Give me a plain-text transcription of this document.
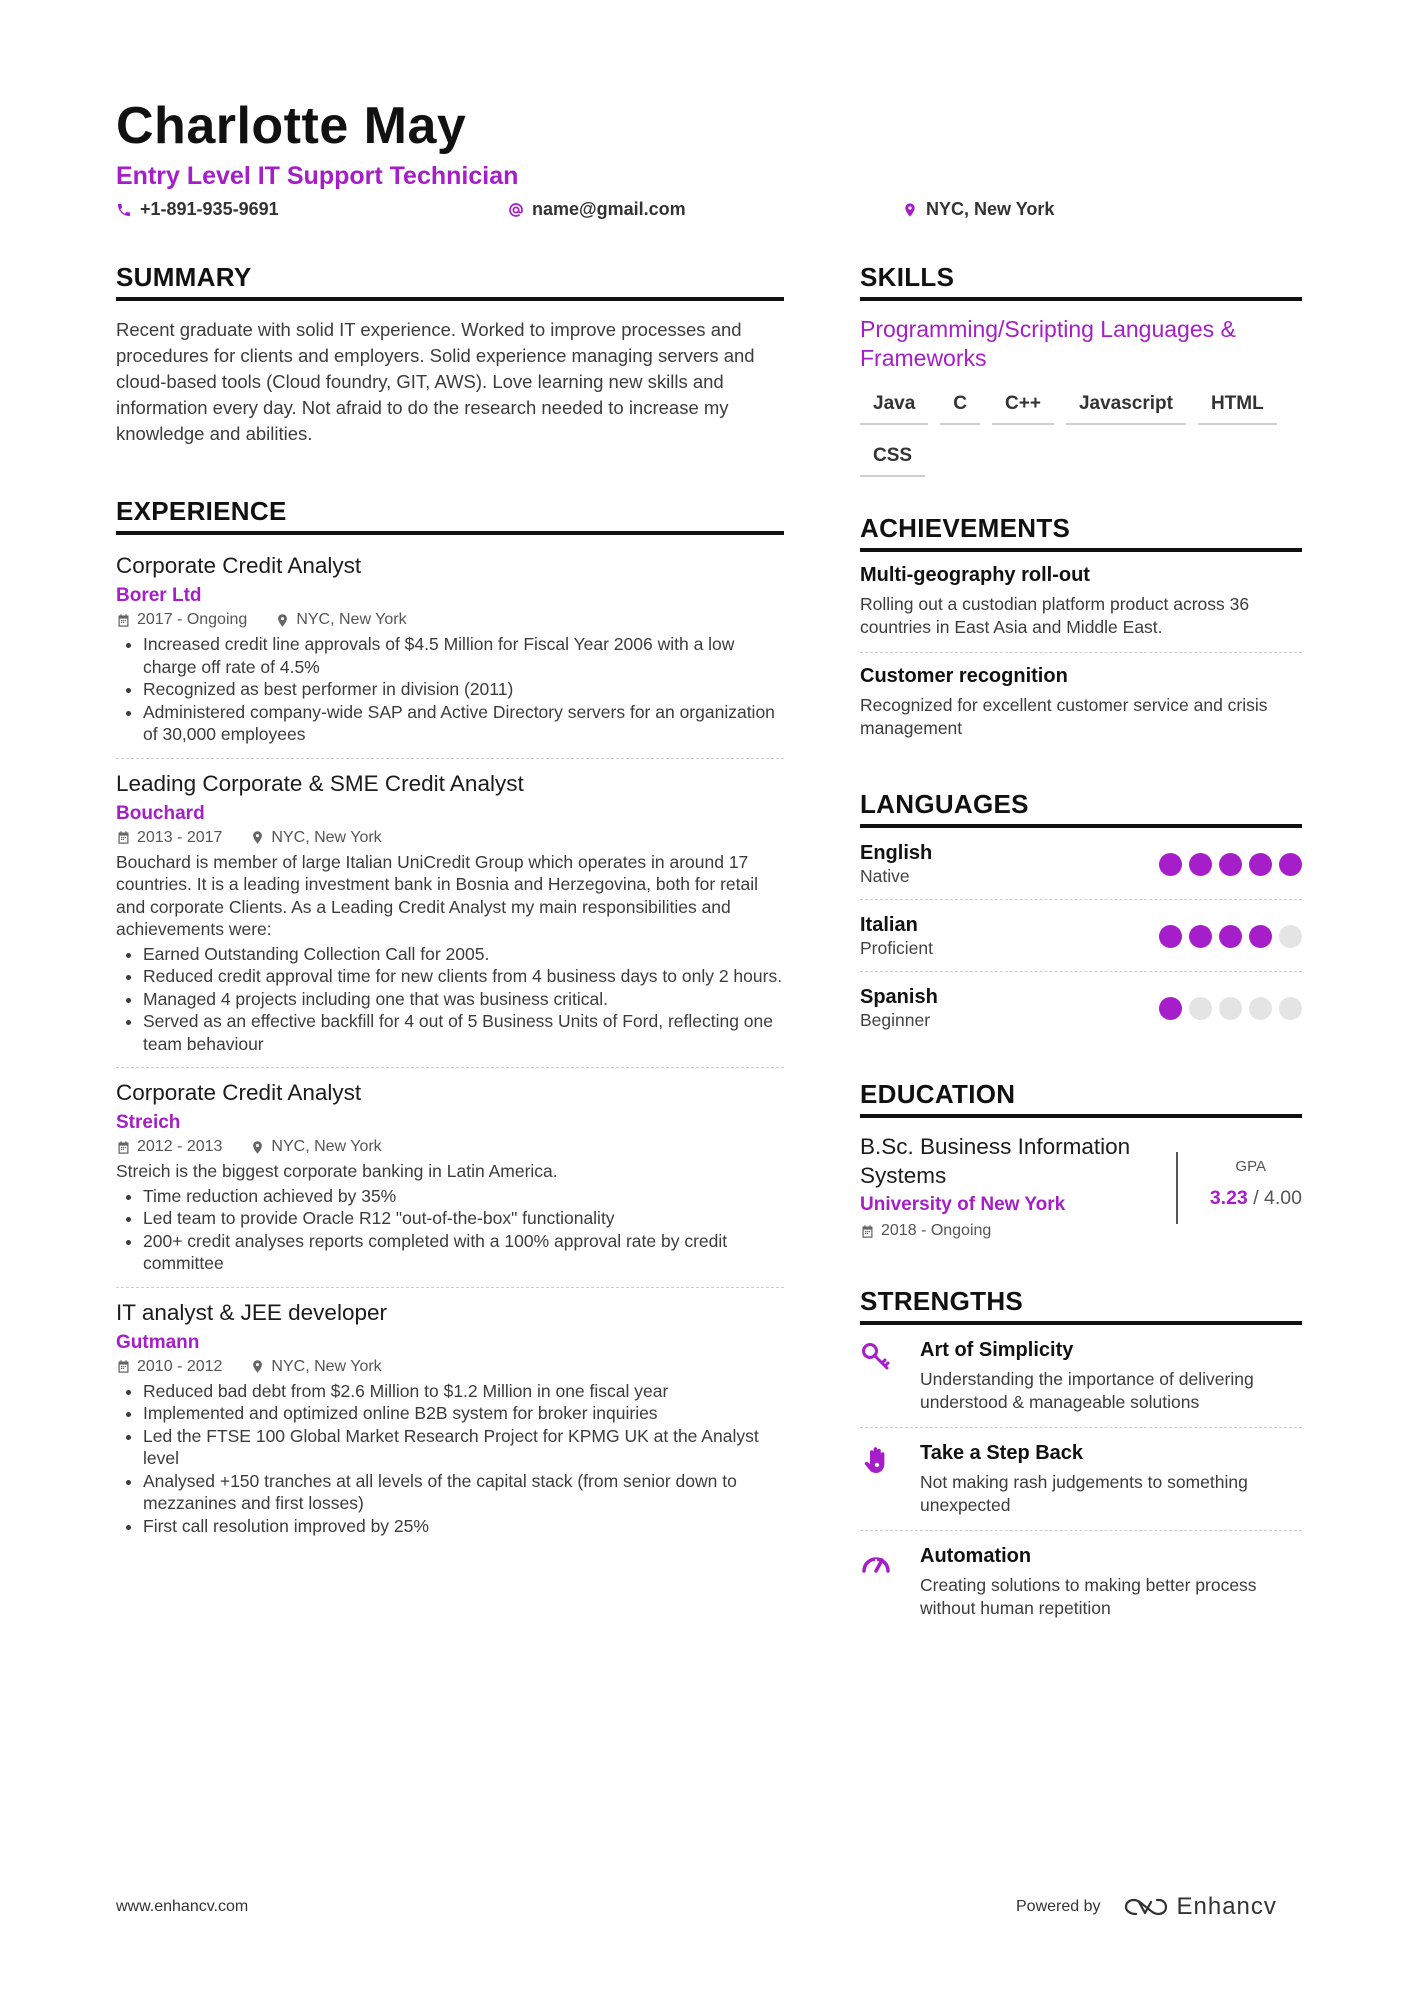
Charlotte May
Entry Level IT Support Technician
+1-891-935-9691	name@gmail.com	NYC, New York
SUMMARY

Recent graduate with solid IT experience. Worked to improve processes and procedures for clients and employers. Solid experience managing servers and cloud-based tools (Cloud foundry, GIT, AWS). Love learning new skills and information every day. Not afraid to do the research needed to increase my knowledge and abilities.

EXPERIENCE
Corporate Credit Analyst
Borer Ltd
2017 - Ongoing	NYC, New York
• Increased credit line approvals of $4.5 Million for Fiscal Year 2006 with a low charge off rate of 4.5%
• Recognized as best performer in division (2011)
• Administered company-wide SAP and Active Directory servers for an organization of 30,000 employees
Leading Corporate & SME Credit Analyst
Bouchard
2013 - 2017	NYC, New York

Bouchard is member of large Italian UniCredit Group which operates in around 17 countries. It is a leading investment bank in Bosnia and Herzegovina, both for retail and corporate Clients. As a Leading Credit Analyst my main responsibilities and achievements were:

• Earned Outstanding Collection Call for 2005.
• Reduced credit approval time for new clients from 4 business days to only 2 hours.
• Managed 4 projects including one that was business critical.
• Served as an effective backfill for 4 out of 5 Business Units of Ford, reflecting one team behaviour
Corporate Credit Analyst
Streich
2012 - 2013	NYC, New York

Streich is the biggest corporate banking in Latin America.

• Time reduction achieved by 35%
• Led team to provide Oracle R12 "out-of-the-box" functionality
• 200+ credit analyses reports completed with a 100% approval rate by credit committee
IT analyst & JEE developer
Gutmann
2010 - 2012	NYC, New York
• Reduced bad debt from $2.6 Million to $1.2 Million in one fiscal year
• Implemented and optimized online B2B system for broker inquiries
• Led the FTSE 100 Global Market Research Project for KPMG UK at the Analyst level
• Analysed +150 tranches at all levels of the capital stack (from senior down to mezzanines and first losses)
• First call resolution improved by 25%
SKILLS
Programming/Scripting Languages & Frameworks
Java	C	C++	Javascript	HTML
CSS
ACHIEVEMENTS
Multi-geography roll-out

Rolling out a custodian platform product across 36 countries in East Asia and Middle East.

Customer recognition

Recognized for excellent customer service and crisis management

LANGUAGES
English
Native
Italian
Proficient
Spanish
Beginner
EDUCATION
B.Sc. Business Information Systems
University of New York
2018 - Ongoing
GPA
3.23 / 4.00
STRENGTHS
Art of Simplicity

Understanding the importance of delivering understood & manageable solutions

Take a Step Back

Not making rash judgements to something unexpected

Automation

Creating solutions to making better process without human repetition

www.enhancv.com	Powered by	Enhancv
